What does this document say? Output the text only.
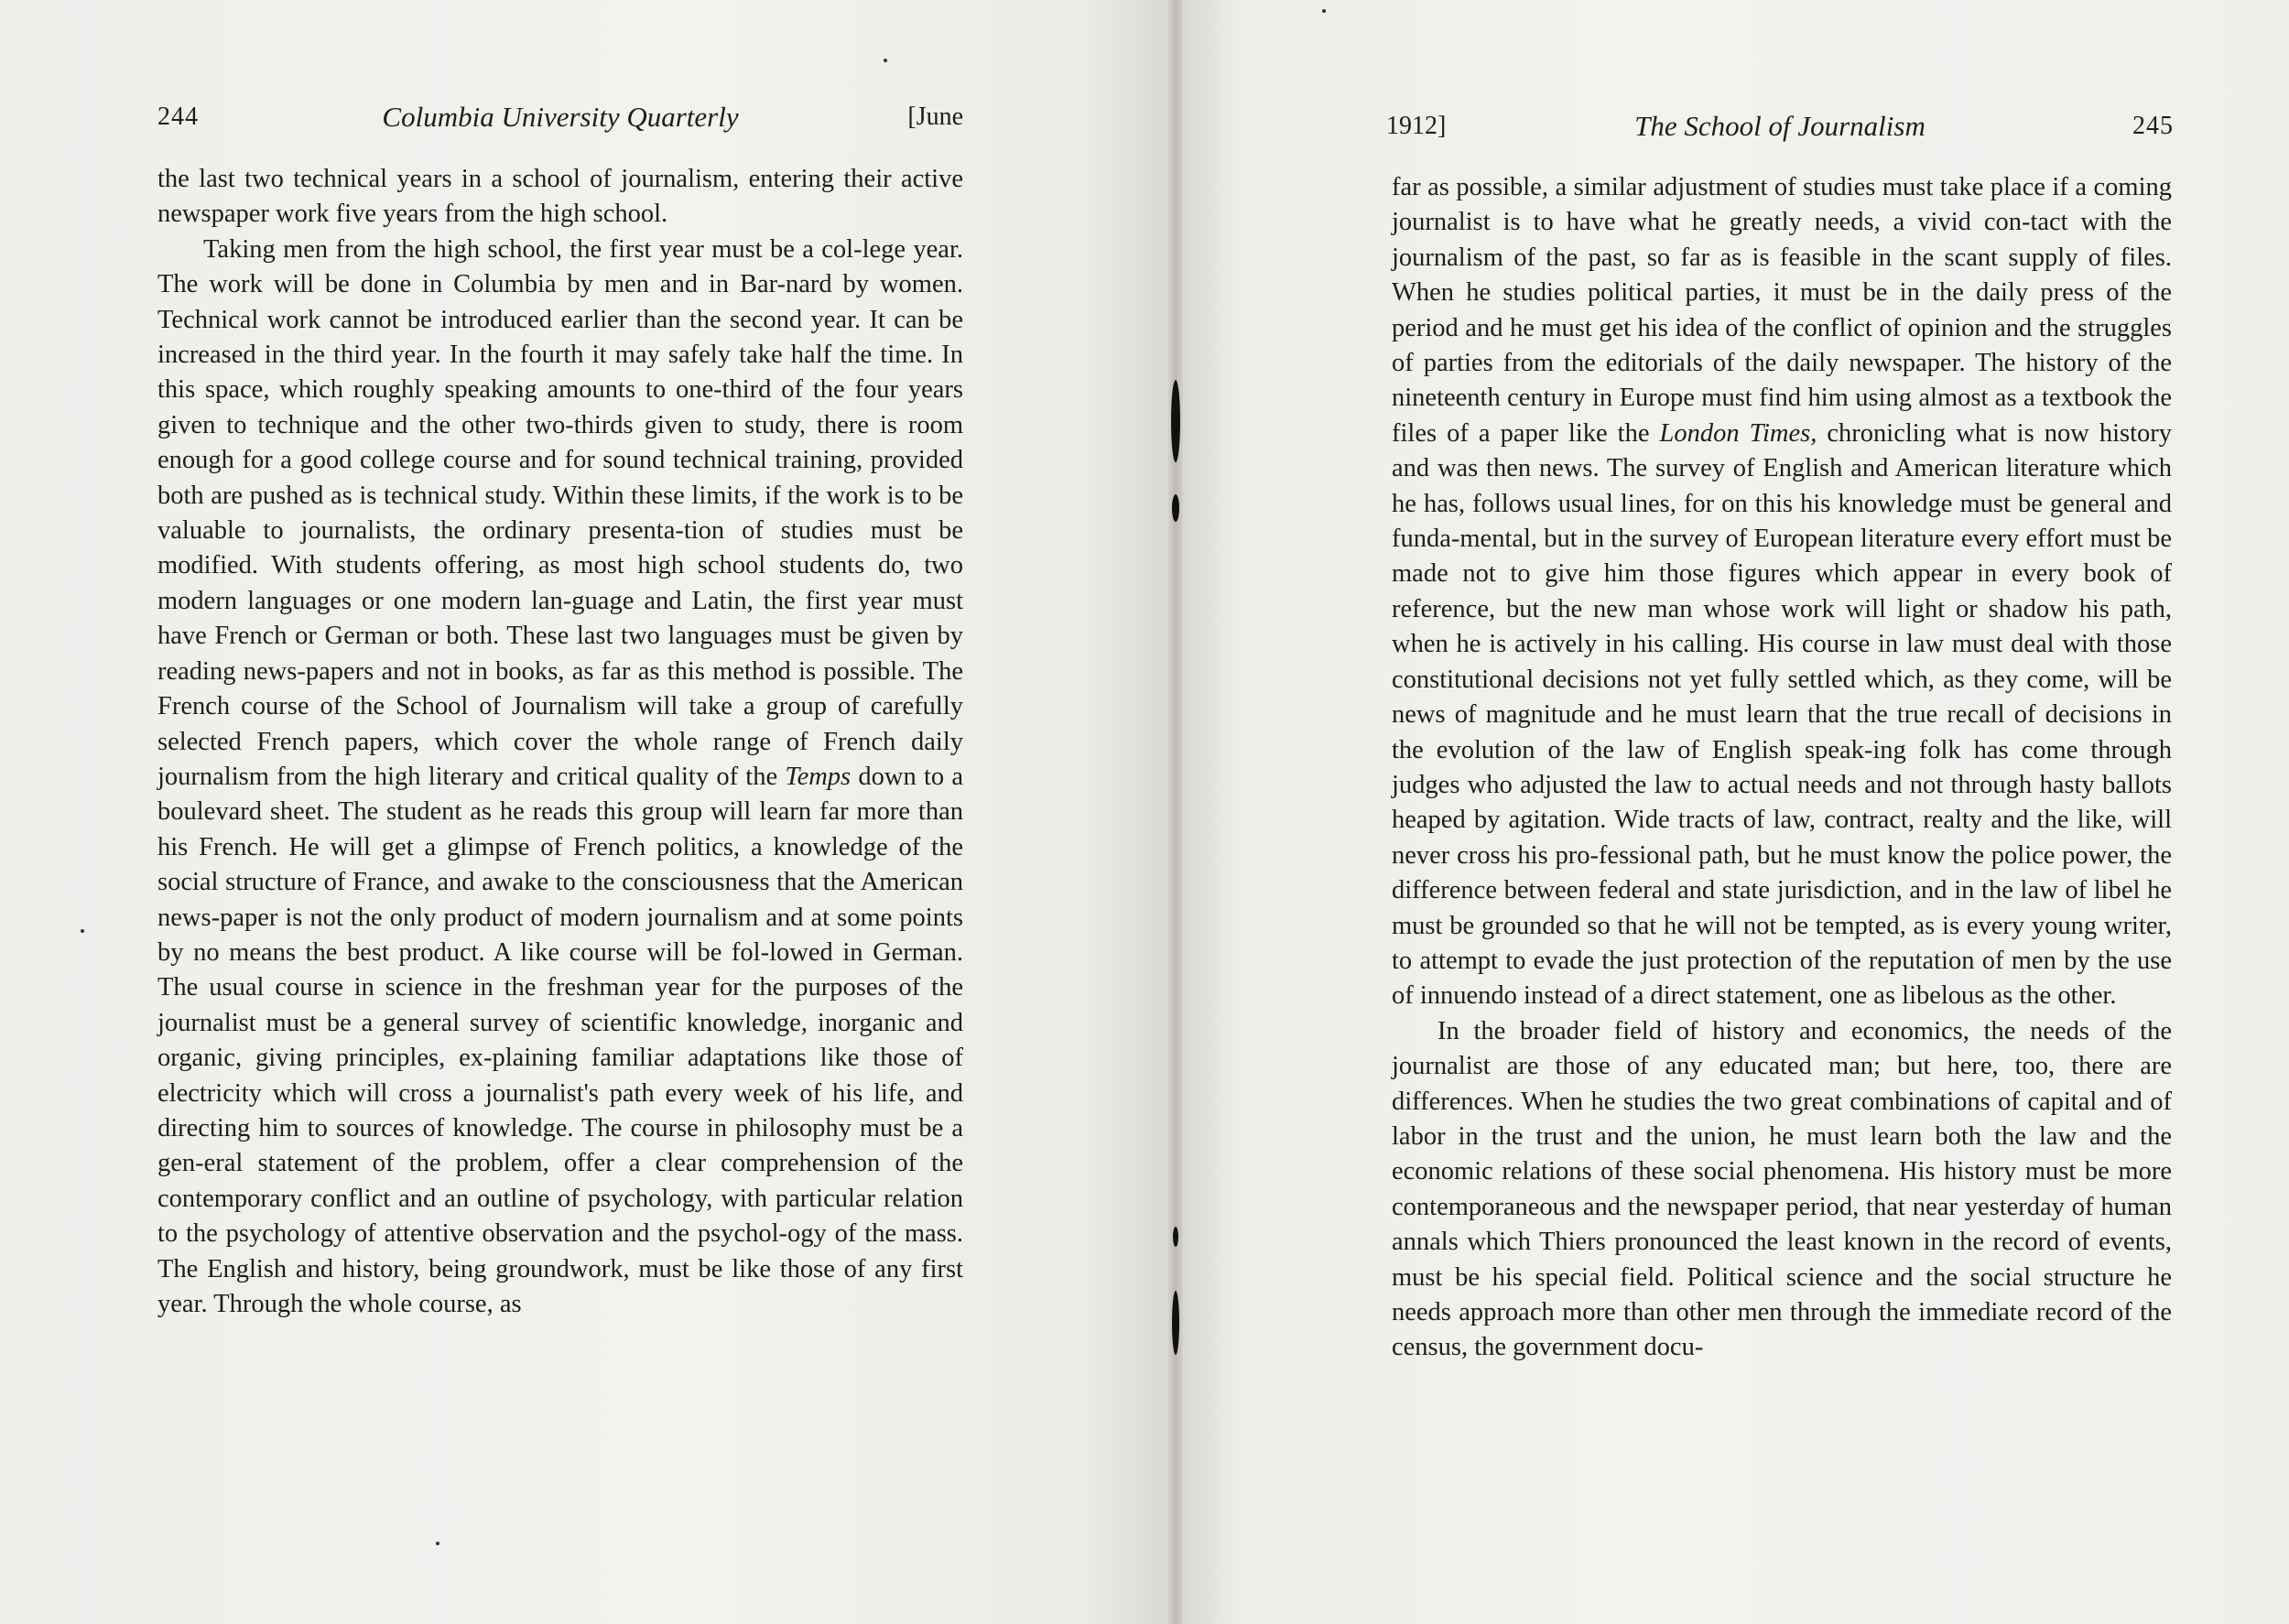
244	Columbia University Quarterly	[June

the last two technical years in a school of journalism, entering their active newspaper work five years from the high school.

Taking men from the high school, the first year must be a col-lege year. The work will be done in Columbia by men and in Bar-nard by women. Technical work cannot be introduced earlier than the second year. It can be increased in the third year. In the fourth it may safely take half the time. In this space, which roughly speaking amounts to one-third of the four years given to technique and the other two-thirds given to study, there is room enough for a good college course and for sound technical training, provided both are pushed as is technical study. Within these limits, if the work is to be valuable to journalists, the ordinary presenta-tion of studies must be modified. With students offering, as most high school students do, two modern languages or one modern lan-guage and Latin, the first year must have French or German or both. These last two languages must be given by reading news-papers and not in books, as far as this method is possible. The French course of the School of Journalism will take a group of carefully selected French papers, which cover the whole range of French daily journalism from the high literary and critical quality of the Temps down to a boulevard sheet. The student as he reads this group will learn far more than his French. He will get a glimpse of French politics, a knowledge of the social structure of France, and awake to the consciousness that the American news-paper is not the only product of modern journalism and at some points by no means the best product. A like course will be fol-lowed in German. The usual course in science in the freshman year for the purposes of the journalist must be a general survey of scientific knowledge, inorganic and organic, giving principles, ex-plaining familiar adaptations like those of electricity which will cross a journalist's path every week of his life, and directing him to sources of knowledge. The course in philosophy must be a gen-eral statement of the problem, offer a clear comprehension of the contemporary conflict and an outline of psychology, with particular relation to the psychology of attentive observation and the psychol-ogy of the mass. The English and history, being groundwork, must be like those of any first year. Through the whole course, as

1912]	The School of Journalism	245

far as possible, a similar adjustment of studies must take place if a coming journalist is to have what he greatly needs, a vivid con-tact with the journalism of the past, so far as is feasible in the scant supply of files. When he studies political parties, it must be in the daily press of the period and he must get his idea of the conflict of opinion and the struggles of parties from the editorials of the daily newspaper. The history of the nineteenth century in Europe must find him using almost as a textbook the files of a paper like the London Times, chronicling what is now history and was then news. The survey of English and American literature which he has, follows usual lines, for on this his knowledge must be general and funda-mental, but in the survey of European literature every effort must be made not to give him those figures which appear in every book of reference, but the new man whose work will light or shadow his path, when he is actively in his calling. His course in law must deal with those constitutional decisions not yet fully settled which, as they come, will be news of magnitude and he must learn that the true recall of decisions in the evolution of the law of English speak-ing folk has come through judges who adjusted the law to actual needs and not through hasty ballots heaped by agitation. Wide tracts of law, contract, realty and the like, will never cross his pro-fessional path, but he must know the police power, the difference between federal and state jurisdiction, and in the law of libel he must be grounded so that he will not be tempted, as is every young writer, to attempt to evade the just protection of the reputation of men by the use of innuendo instead of a direct statement, one as libelous as the other.

In the broader field of history and economics, the needs of the journalist are those of any educated man; but here, too, there are differences. When he studies the two great combinations of capital and of labor in the trust and the union, he must learn both the law and the economic relations of these social phenomena. His history must be more contemporaneous and the newspaper period, that near yesterday of human annals which Thiers pronounced the least known in the record of events, must be his special field. Political science and the social structure he needs approach more than other men through the immediate record of the census, the government docu-
